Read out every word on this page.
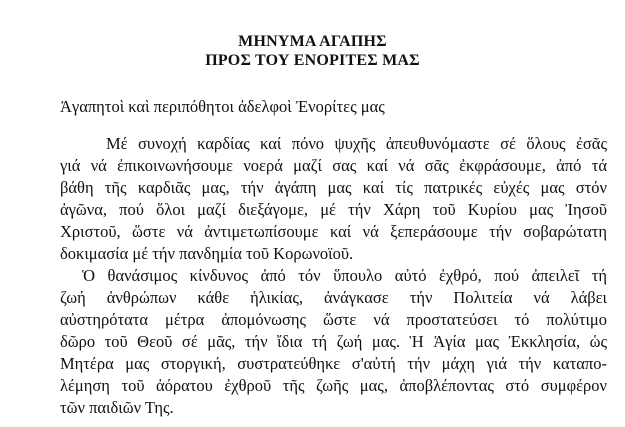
ΜΗΝΥΜΑ ΑΓΑΠΗΣ
ΠΡΟΣ ΤΟΥ ΕΝΟΡΙΤΕΣ ΜΑΣ
Ἀγαπητοὶ καὶ περιπόθητοι ἀδελφοὶ Ἐνορίτες μας
Μέ συνοχή καρδίας καί πόνο ψυχῆς ἀπευθυνόμαστε σέ ὅλους ἐσᾶς
γιά νά ἐπικοινωνήσουμε νοερά μαζί σας καί νά σᾶς ἐκφράσουμε, ἀπό τά
βάθη τῆς καρδιᾶς μας, τήν ἀγάπη μας καί τίς πατρικές εὐχές μας στόν
ἀγῶνα, πού ὅλοι μαζί διεξάγομε, μέ τήν Χάρη τοῦ Κυρίου μας Ἰησοῦ
Χριστοῦ, ὥστε νά ἀντιμετωπίσουμε καί νά ξεπεράσουμε τήν σοβαρώτατη
δοκιμασία μέ τήν πανδημία τοῦ Κορωνοϊοῦ.
Ὁ θανάσιμος κίνδυνος ἀπό τόν ὕπουλο αὐτό ἐχθρό, πού ἀπειλεῖ τή
ζωή ἀνθρώπων κάθε ἡλικίας, ἀνάγκασε τήν Πολιτεία νά λάβει
αὐστηρότατα μέτρα ἀπομόνωσης ὥστε νά προστατεύσει τό πολύτιμο
δῶρο τοῦ Θεοῦ σέ μᾶς, τήν ἴδια τή ζωή μας. Ἡ Ἁγία μας Ἐκκλησία, ὡς
Μητέρα μας στοργική, συστρατεύθηκε σ'αὐτή τήν μάχη γιά τήν καταπο-
λέμηση τοῦ ἀόρατου ἐχθροῦ τῆς ζωῆς μας, ἀποβλέποντας στό συμφέρον
τῶν παιδιῶν Της.
